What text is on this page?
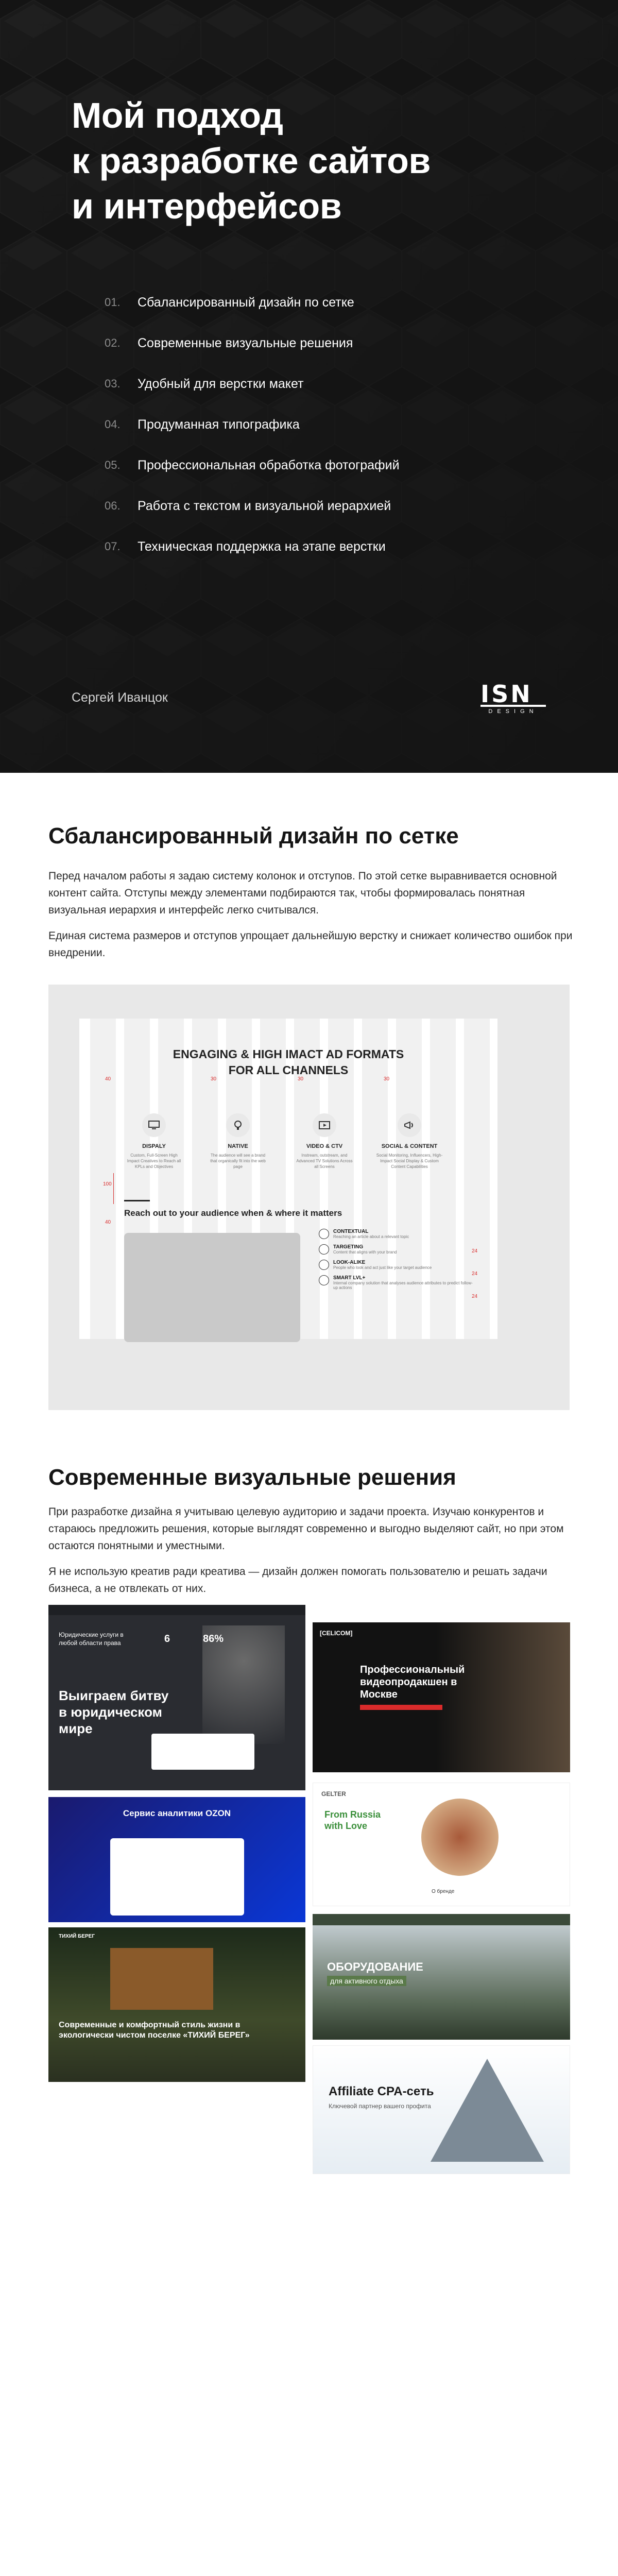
Мой подход
к разработке сайтов
и интерфейсов
01.	Сбалансированный дизайн по сетке
02.	Современные визуальные решения
03.	Удобный для верстки макет
04.	Продуманная типографика
05.	Профессиональная обработка фотографий
06.	Работа с текстом и визуальной иерархией
07.	Техническая поддержка на этапе верстки
Сергей Иванцок	ISN
DESIGN
Сбалансированный дизайн по сетке

Перед началом работы я задаю систему колонок и отступов. По этой сетке выравнивается основной контент сайта. Отступы между элементами подбираются так, чтобы формировалась понятная визуальная иерархия и интерфейс легко считывался.

Единая система размеров и отступов упрощает дальнейшую верстку и снижает количество ошибок при внедрении.

ENGAGING & HIGH IMACT AD FORMATS
FOR ALL CHANNELS
DISPALY
Custom, Full-Screen High Impact Creatives to Reach all KPLs and Objectives
NATIVE
The audience will see a brand that organically fit into the web page
VIDEO & CTV
Instream, outstream, and Advanced TV Solutions Across all Screens
SOCIAL & CONTENT
Social Monitoring, Influencers, High-Impact Social Display & Custom Content Capabilities
40	30	30	30
100
40
Reach out to your audience when & where it matters
CONTEXTUAL
Reaching an article about a relevant topic
TARGETING
Content that aligns with your brand
LOOK-ALIKE
People who look and act just like your target audience
SMART LVL+
Internal company solution that analyses audience attributes to predict follow-up actions
24
24
24
Современные визуальные решения

При разработке дизайна я учитываю целевую аудиторию и задачи проекта. Изучаю конкурентов и стараюсь предложить решения, которые выглядят современно и выгодно выделяют сайт, но при этом остаются понятными и уместными.

Я не использую креатив ради креатива — дизайн должен помогать пользователю и решать задачи бизнеса, а не отвлекать от них.

Юридические услуги в любой области права	6	86%
Выиграем битву в юридическом мире
[CELICOM]
Профессиональный видеопродакшен в Москве
Сервис аналитики OZON
GELTER
From Russia with Love
О бренде
ОБОРУДОВАНИЕ
для активного отдыха
ТИХИЙ БЕРЕГ
Современные и комфортный стиль жизни в экологически чистом поселке «ТИХИЙ БЕРЕГ»
Affiliate CPA-сеть
Ключевой партнер вашего профита
